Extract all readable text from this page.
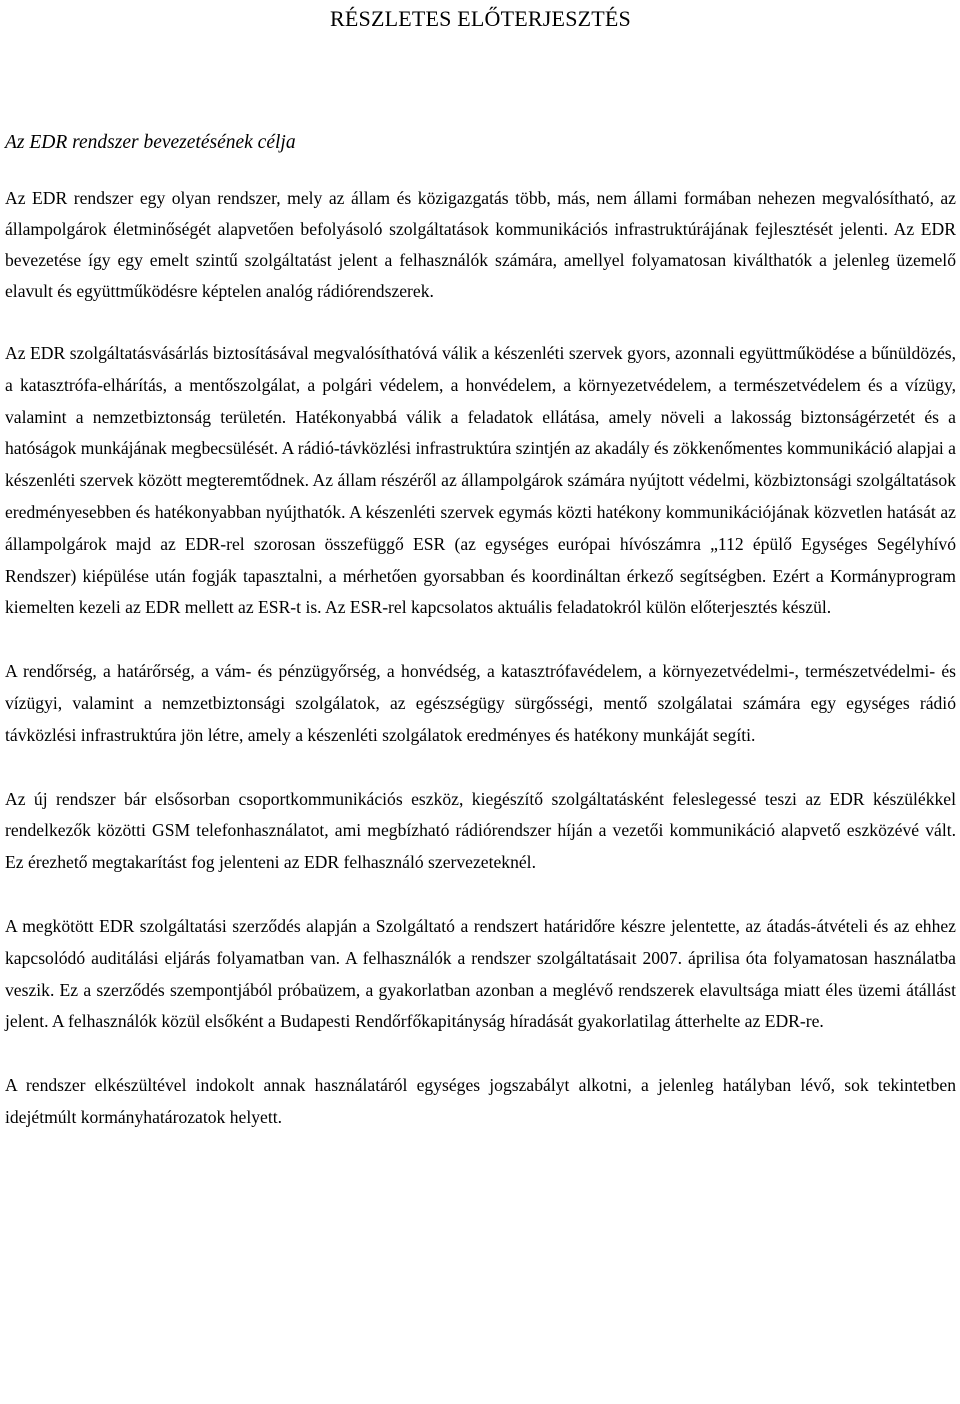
RÉSZLETES ELŐTERJESZTÉS
Az EDR rendszer bevezetésének célja

Az EDR rendszer egy olyan rendszer, mely az állam és közigazgatás több, más, nem állami formában nehezen megvalósítható, az állampolgárok életminőségét alapvetően befolyásoló szolgáltatások kommunikációs infrastruktúrájának fejlesztését jelenti. Az EDR bevezetése így egy emelt szintű szolgáltatást jelent a felhasználók számára, amellyel folyamatosan kiválthatók a jelenleg üzemelő elavult és együttműködésre képtelen analóg rádiórendszerek.

Az EDR szolgáltatásvásárlás biztosításával megvalósíthatóvá válik a készenléti szervek gyors, azonnali együttműködése a bűnüldözés, a katasztrófa-elhárítás, a mentőszolgálat, a polgári védelem, a honvédelem, a környezetvédelem, a természetvédelem és a vízügy, valamint a nemzetbiztonság területén. Hatékonyabbá válik a feladatok ellátása, amely növeli a lakosság biztonságérzetét és a hatóságok munkájának megbecsülését. A rádió-távközlési infrastruktúra szintjén az akadály és zökkenőmentes kommunikáció alapjai a készenléti szervek között megteremtődnek. Az állam részéről az állampolgárok számára nyújtott védelmi, közbiztonsági szolgáltatások eredményesebben és hatékonyabban nyújthatók. A készenléti szervek egymás közti hatékony kommunikációjának közvetlen hatását az állampolgárok majd az EDR-rel szorosan összefüggő ESR (az egységes európai hívószámra „112 épülő Egységes Segélyhívó Rendszer) kiépülése után fogják tapasztalni, a mérhetően gyorsabban és koordináltan érkező segítségben. Ezért a Kormányprogram kiemelten kezeli az EDR mellett az ESR-t is. Az ESR-rel kapcsolatos aktuális feladatokról külön előterjesztés készül.

A rendőrség, a határőrség, a vám- és pénzügyőrség, a honvédség, a katasztrófavédelem, a környezetvédelmi-, természetvédelmi- és vízügyi, valamint a nemzetbiztonsági szolgálatok, az egészségügy sürgősségi, mentő szolgálatai számára egy egységes rádió távközlési infrastruktúra jön létre, amely a készenléti szolgálatok eredményes és hatékony munkáját segíti.

Az új rendszer bár elsősorban csoportkommunikációs eszköz, kiegészítő szolgáltatásként feleslegessé teszi az EDR készülékkel rendelkezők közötti GSM telefonhasználatot, ami megbízható rádiórendszer híján a vezetői kommunikáció alapvető eszközévé vált. Ez érezhető megtakarítást fog jelenteni az EDR felhasználó szervezeteknél.

A megkötött EDR szolgáltatási szerződés alapján a Szolgáltató a rendszert határidőre készre jelentette, az átadás-átvételi és az ehhez kapcsolódó auditálási eljárás folyamatban van. A felhasználók a rendszer szolgáltatásait 2007. áprilisa óta folyamatosan használatba veszik. Ez a szerződés szempontjából próbaüzem, a gyakorlatban azonban a meglévő rendszerek elavultsága miatt éles üzemi átállást jelent. A felhasználók közül elsőként a Budapesti Rendőrfőkapitányság híradását gyakorlatilag átterhelte az EDR-re.

A rendszer elkészültével indokolt annak használatáról egységes jogszabályt alkotni, a jelenleg hatályban lévő, sok tekintetben idejétmúlt kormányhatározatok helyett.
